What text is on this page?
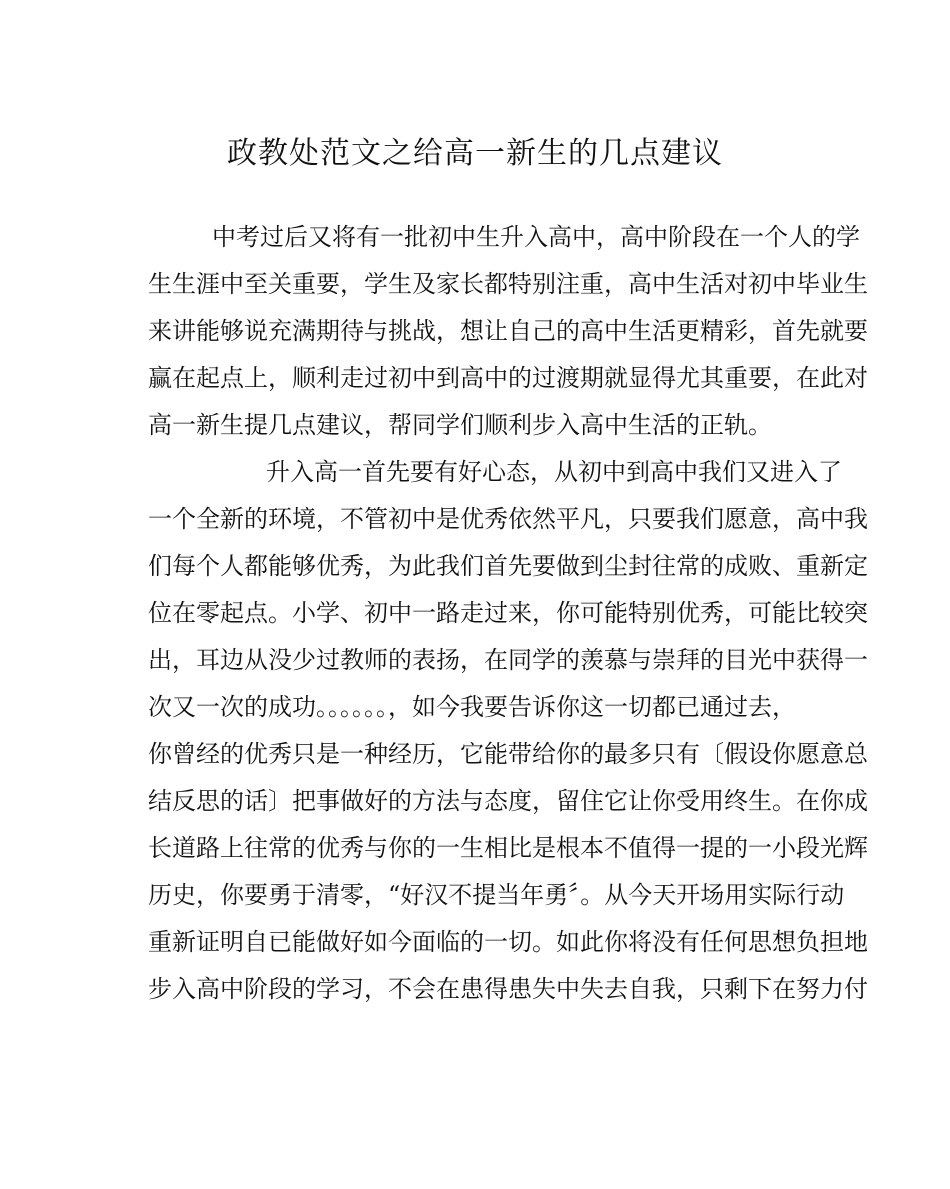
政教处范文之给高一新生的几点建议
中考过后又将有一批初中生升入高中，高中阶段在一个人的学
生生涯中至关重要，学生及家长都特别注重，高中生活对初中毕业生
来讲能够说充满期待与挑战，想让自己的高中生活更精彩，首先就要
赢在起点上，顺利走过初中到高中的过渡期就显得尤其重要，在此对
高一新生提几点建议，帮同学们顺利步入高中生活的正轨。
升入高一首先要有好心态，从初中到高中我们又进入了
一个全新的环境，不管初中是优秀依然平凡，只要我们愿意，高中我
们每个人都能够优秀，为此我们首先要做到尘封往常的成败、重新定
位在零起点。小学、初中一路走过来，你可能特别优秀，可能比较突
出，耳边从没少过教师的表扬，在同学的羡慕与崇拜的目光中获得一
次又一次的成功。。。。。。，如今我要告诉你这一切都已通过去，
你曾经的优秀只是一种经历，它能带给你的最多只有〔假设你愿意总
结反思的话〕把事做好的方法与态度，留住它让你受用终生。在你成
长道路上往常的优秀与你的一生相比是根本不值得一提的一小段光辉
历史，你要勇于清零，“好汉不提当年勇〞。从今天开场用实际行动
重新证明自已能做好如今面临的一切。如此你将没有任何思想负担地
步入高中阶段的学习，不会在患得患失中失去自我，只剩下在努力付
